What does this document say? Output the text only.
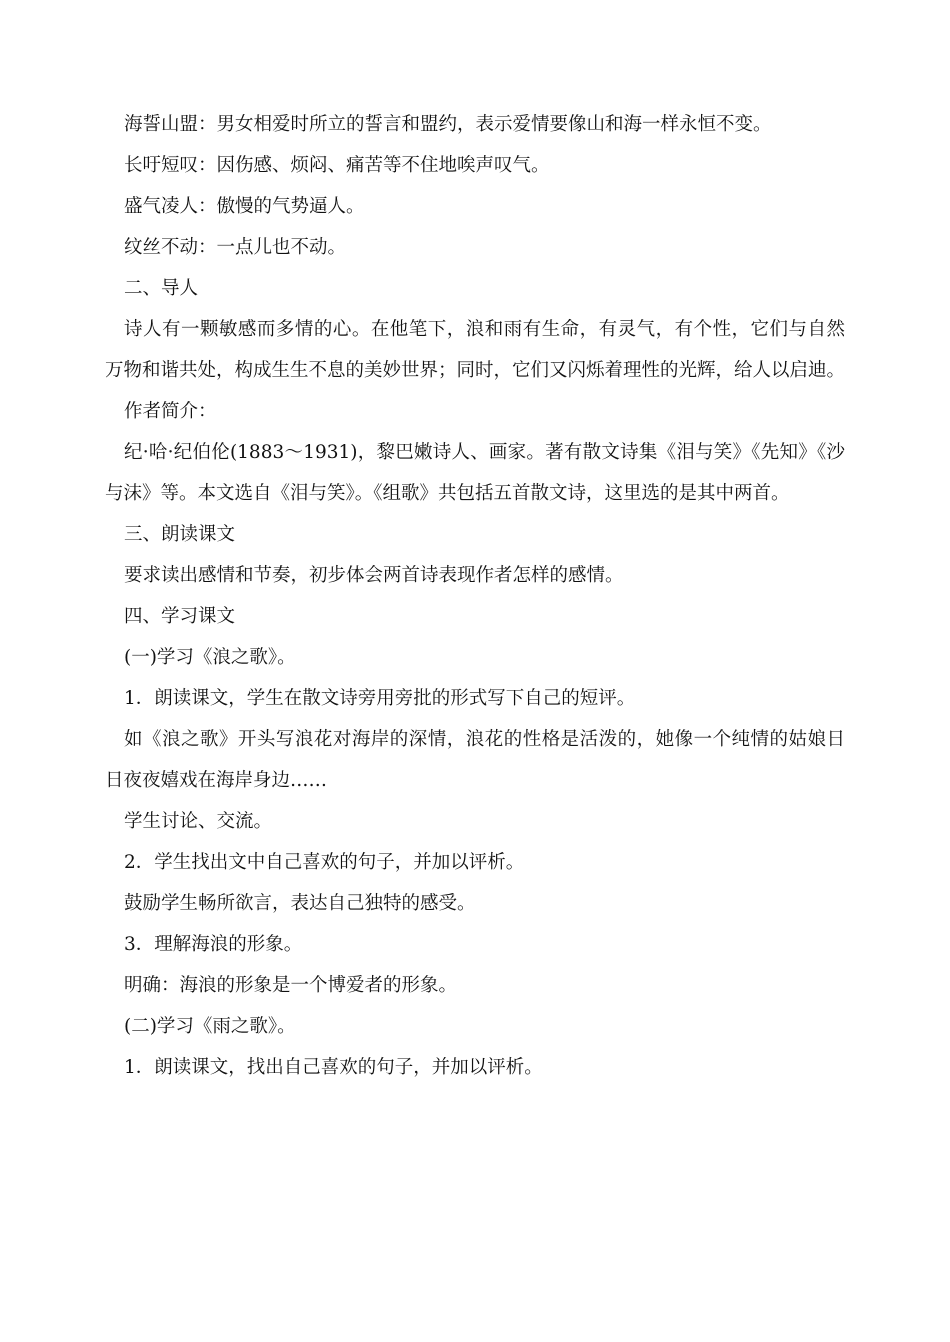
海誓山盟：男女相爱时所立的誓言和盟约，表示爱情要像山和海一样永恒不变。

长吁短叹：因伤感、烦闷、痛苦等不住地唉声叹气。

盛气凌人：傲慢的气势逼人。

纹丝不动：一点儿也不动。

二、导人

诗人有一颗敏感而多情的心。在他笔下，浪和雨有生命，有灵气，有个性，它们与自然万物和谐共处，构成生生不息的美妙世界；同时，它们又闪烁着理性的光辉，给人以启迪。

作者简介：

纪·哈·纪伯伦(1883～1931)，黎巴嫩诗人、画家。著有散文诗集《泪与笑》《先知》《沙与沫》等。本文选自《泪与笑》。《组歌》共包括五首散文诗，这里选的是其中两首。

三、朗读课文

要求读出感情和节奏，初步体会两首诗表现作者怎样的感情。

四、学习课文

(一)学习《浪之歌》。

1．朗读课文，学生在散文诗旁用旁批的形式写下自己的短评。

如《浪之歌》开头写浪花对海岸的深情，浪花的性格是活泼的，她像一个纯情的姑娘日日夜夜嬉戏在海岸身边……

学生讨论、交流。

2．学生找出文中自己喜欢的句子，并加以评析。

鼓励学生畅所欲言，表达自己独特的感受。

3．理解海浪的形象。

明确：海浪的形象是一个博爱者的形象。

(二)学习《雨之歌》。

1．朗读课文，找出自己喜欢的句子，并加以评析。
